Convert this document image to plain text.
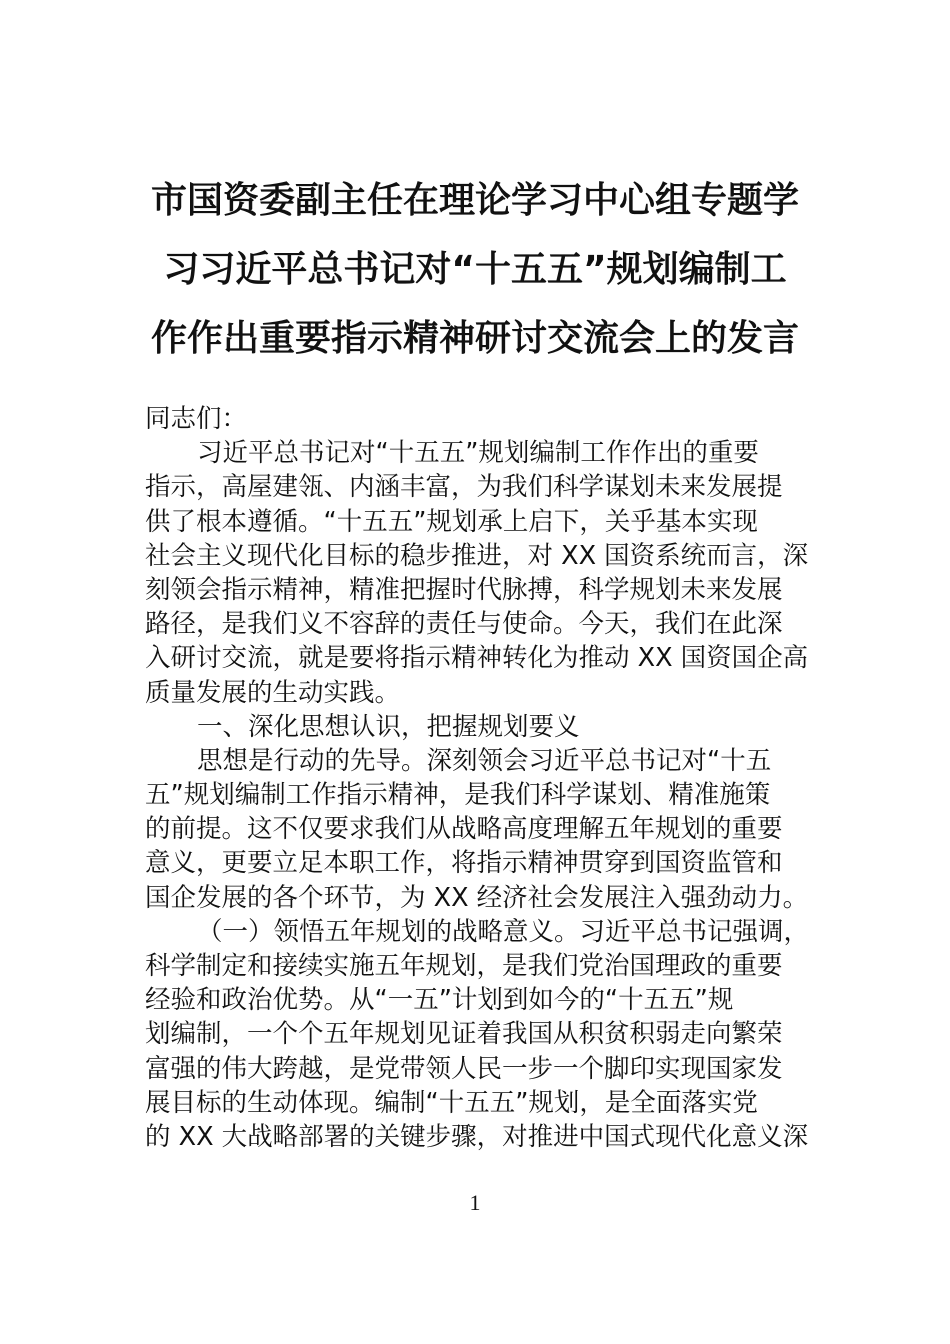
市国资委副主任在理论学习中心组专题学
习习近平总书记对“十五五”规划编制工
作作出重要指示精神研讨交流会上的发言
同志们：
习近平总书记对“十五五”规划编制工作作出的重要
指示，高屋建瓴、内涵丰富，为我们科学谋划未来发展提
供了根本遵循。“十五五”规划承上启下，关乎基本实现
社会主义现代化目标的稳步推进，对 XX 国资系统而言，深
刻领会指示精神，精准把握时代脉搏，科学规划未来发展
路径，是我们义不容辞的责任与使命。今天，我们在此深
入研讨交流，就是要将指示精神转化为推动 XX 国资国企高
质量发展的生动实践。
一、深化思想认识，把握规划要义
思想是行动的先导。深刻领会习近平总书记对“十五
五”规划编制工作指示精神，是我们科学谋划、精准施策
的前提。这不仅要求我们从战略高度理解五年规划的重要
意义，更要立足本职工作，将指示精神贯穿到国资监管和
国企发展的各个环节，为 XX 经济社会发展注入强劲动力。
（一）领悟五年规划的战略意义。习近平总书记强调，
科学制定和接续实施五年规划，是我们党治国理政的重要
经验和政治优势。从“一五”计划到如今的“十五五”规
划编制，一个个五年规划见证着我国从积贫积弱走向繁荣
富强的伟大跨越，是党带领人民一步一个脚印实现国家发
展目标的生动体现。编制“十五五”规划，是全面落实党
的 XX 大战略部署的关键步骤，对推进中国式现代化意义深
1
